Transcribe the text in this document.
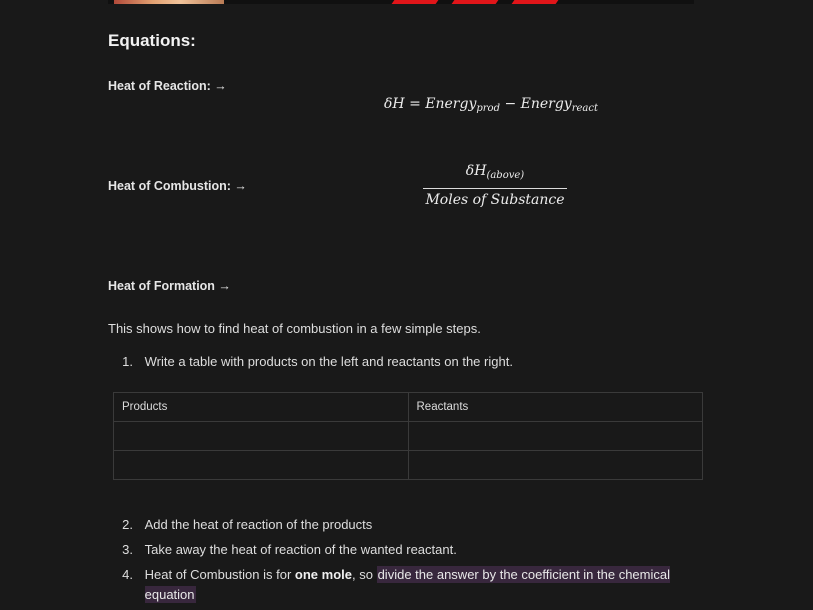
Equations:
Heat of Reaction: →
δH = Energy$_{prod}$ − Energy$_{react}$
Heat of Combustion: →
$\delta H_{(above)}$
Moles of Substance
Heat of Formation →
This shows how to find heat of combustion in a few simple steps.
1. Write a table with products on the left and reactants on the right.
Products	Reactants

2. Add the heat of reaction of the products
3. Take away the heat of reaction of the wanted reactant.
4. Heat of Combustion is for one mole, so divide the answer by the coefficient in the chemical equation
